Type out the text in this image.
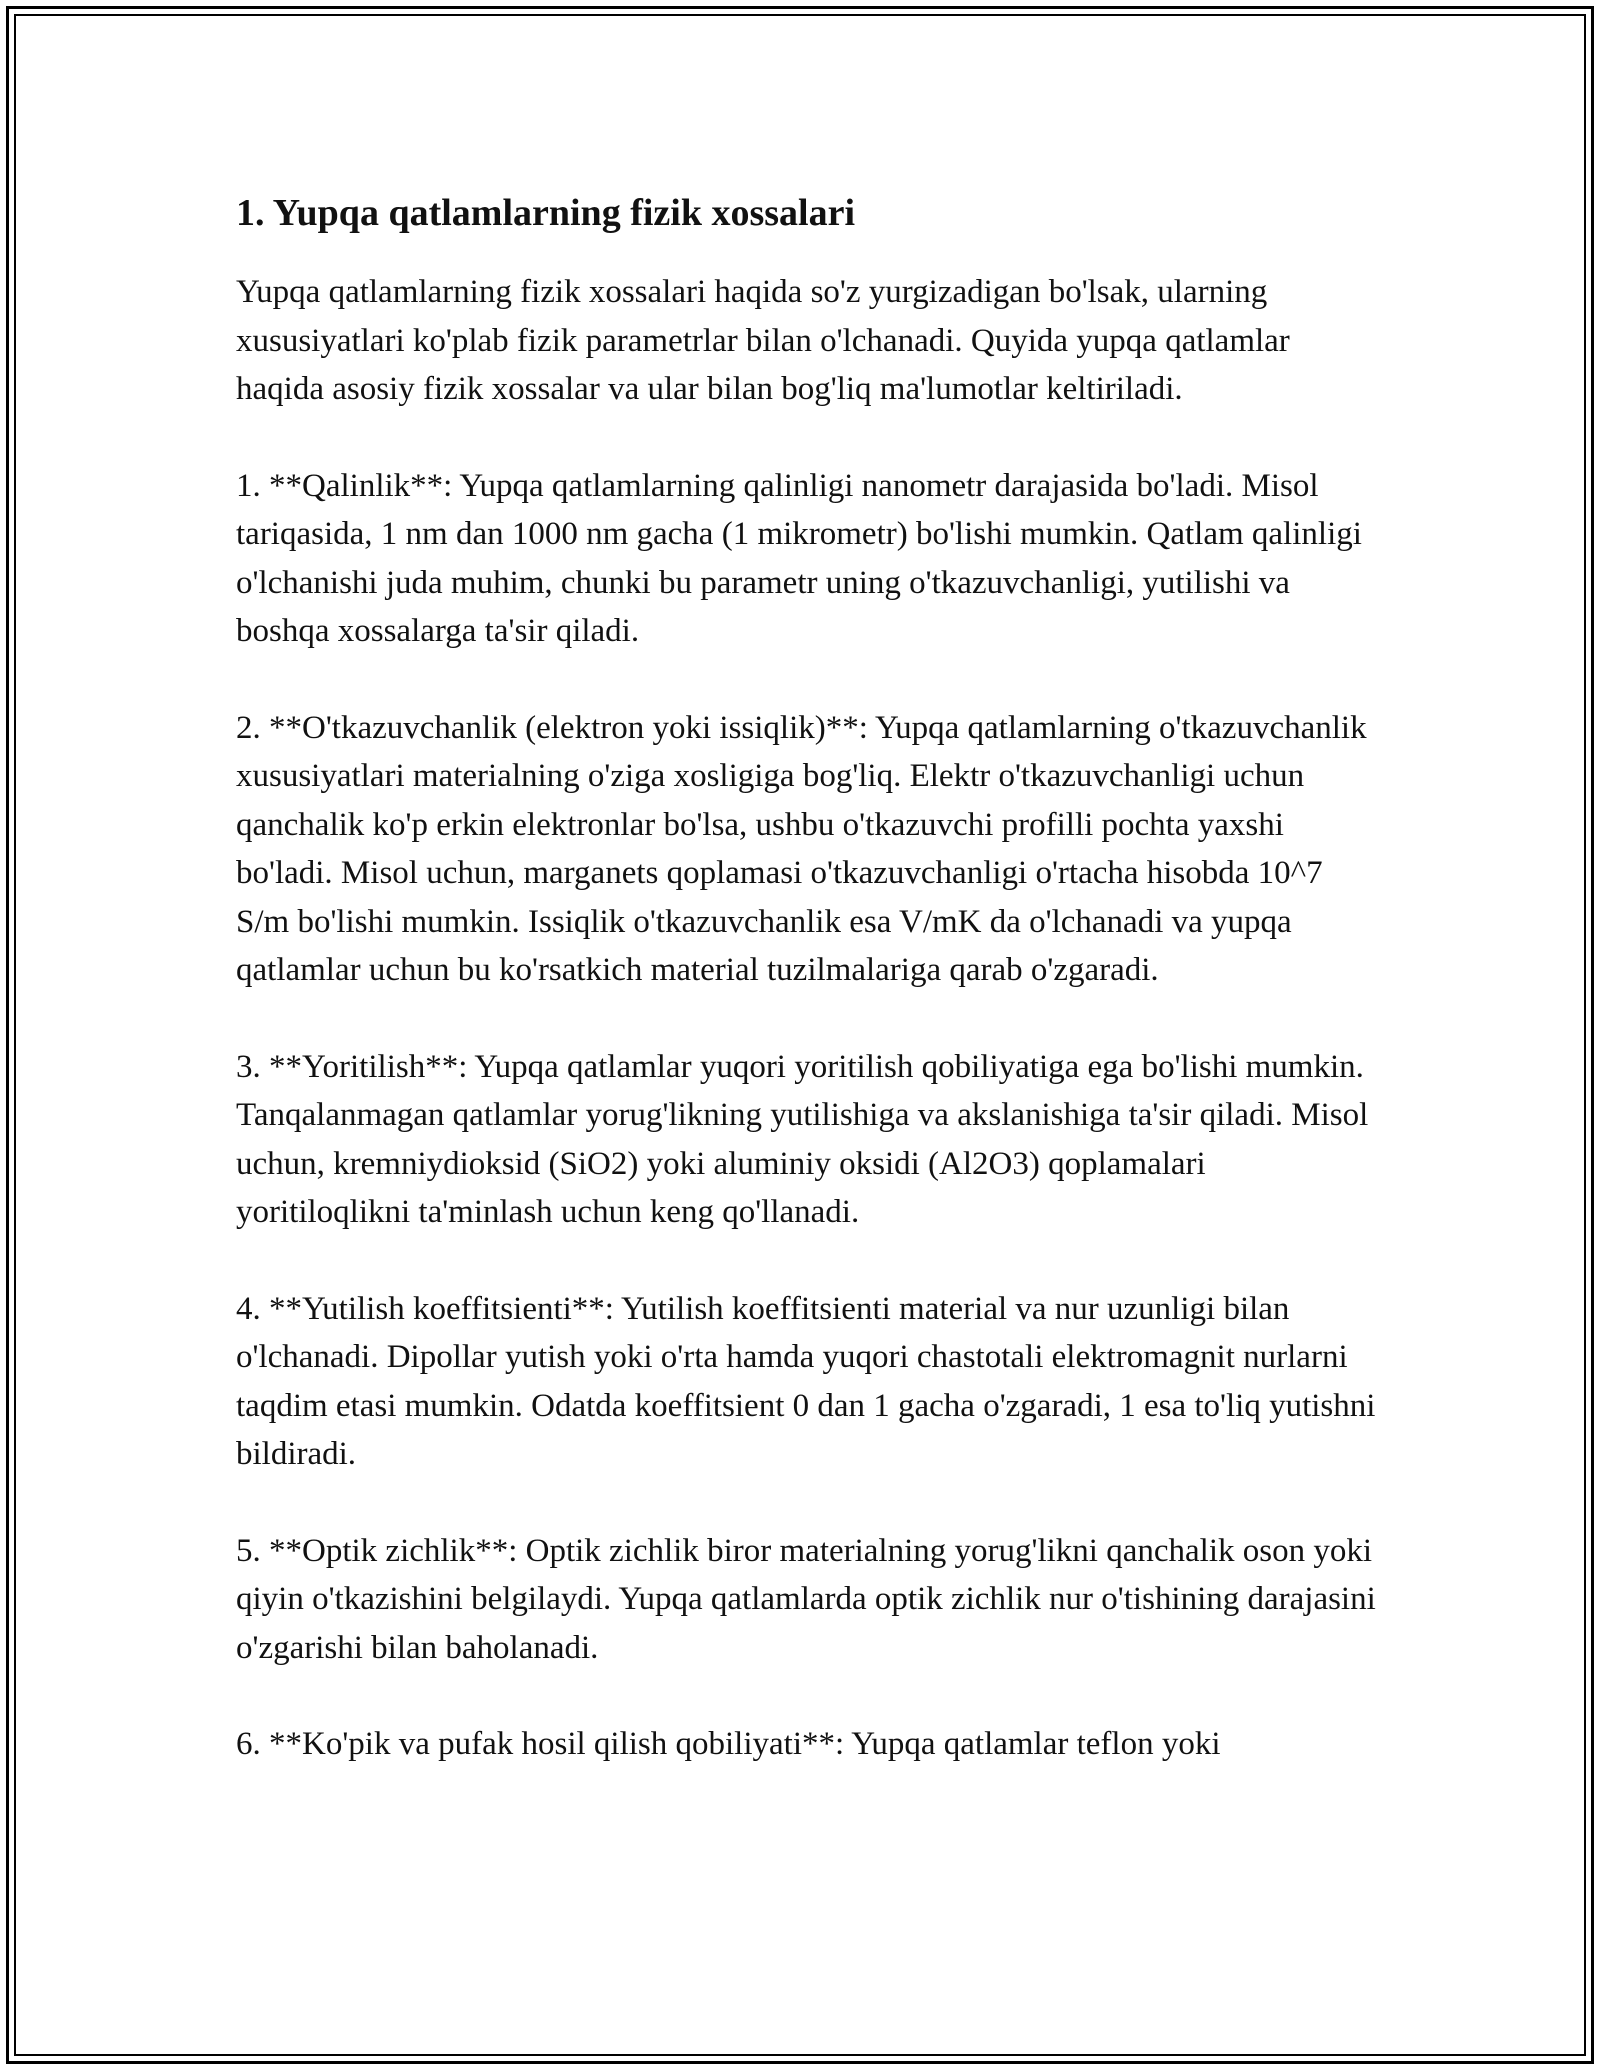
1. Yupqa qatlamlarning fizik xossalari

Yupqa qatlamlarning fizik xossalari haqida so'z yurgizadigan bo'lsak, ularning xususiyatlari ko'plab fizik parametrlar bilan o'lchanadi. Quyida yupqa qatlamlar haqida asosiy fizik xossalar va ular bilan bog'liq ma'lumotlar keltiriladi.

1. **Qalinlik**: Yupqa qatlamlarning qalinligi nanometr darajasida bo'ladi. Misol tariqasida, 1 nm dan 1000 nm gacha (1 mikrometr) bo'lishi mumkin. Qatlam qalinligi o'lchanishi juda muhim, chunki bu parametr uning o'tkazuvchanligi, yutilishi va boshqa xossalarga ta'sir qiladi.

2. **O'tkazuvchanlik (elektron yoki issiqlik)**: Yupqa qatlamlarning o'tkazuvchanlik xususiyatlari materialning o'ziga xosligiga bog'liq. Elektr o'tkazuvchanligi uchun qanchalik ko'p erkin elektronlar bo'lsa, ushbu o'tkazuvchi profilli pochta yaxshi bo'ladi. Misol uchun, marganets qoplamasi o'tkazuvchanligi o'rtacha hisobda 10^7 S/m bo'lishi mumkin. Issiqlik o'tkazuvchanlik esa V/mK da o'lchanadi va yupqa qatlamlar uchun bu ko'rsatkich material tuzilmalariga qarab o'zgaradi.

3. **Yoritilish**: Yupqa qatlamlar yuqori yoritilish qobiliyatiga ega bo'lishi mumkin. Tanqalanmagan qatlamlar yorug'likning yutilishiga va akslanishiga ta'sir qiladi. Misol uchun, kremniydioksid (SiO2) yoki aluminiy oksidi (Al2O3) qoplamalari yoritiloqlikni ta'minlash uchun keng qo'llanadi.

4. **Yutilish koeffitsienti**: Yutilish koeffitsienti material va nur uzunligi bilan o'lchanadi. Dipollar yutish yoki o'rta hamda yuqori chastotali elektromagnit nurlarni taqdim etasi mumkin. Odatda koeffitsient 0 dan 1 gacha o'zgaradi, 1 esa to'liq yutishni bildiradi.

5. **Optik zichlik**: Optik zichlik biror materialning yorug'likni qanchalik oson yoki qiyin o'tkazishini belgilaydi. Yupqa qatlamlarda optik zichlik nur o'tishining darajasini o'zgarishi bilan baholanadi.

6. **Ko'pik va pufak hosil qilish qobiliyati**: Yupqa qatlamlar teflon yoki
